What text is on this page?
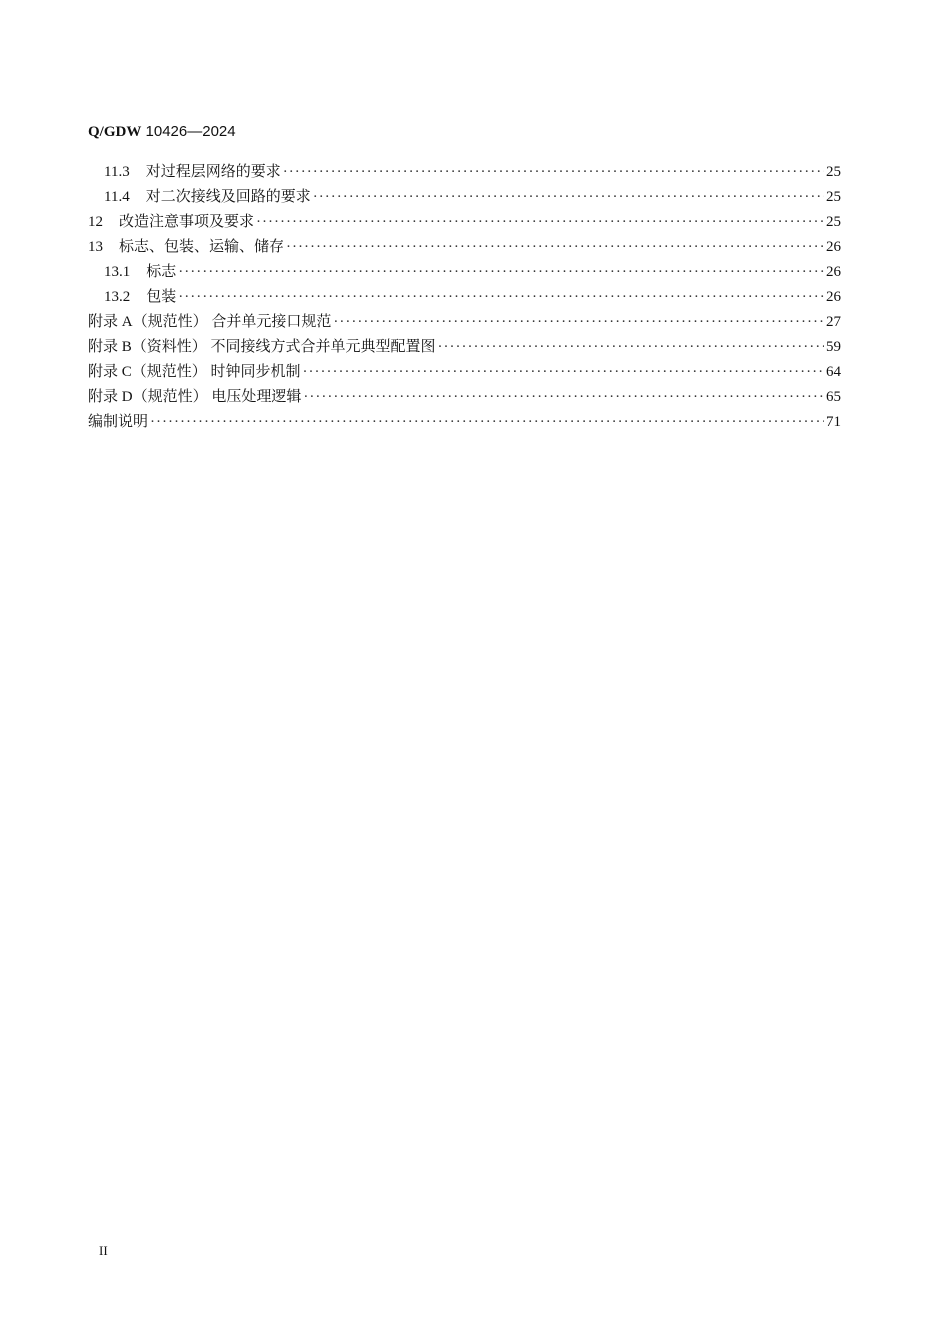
Q/GDW 10426—2024
11.3 对过程层网络的要求 ·····	25
11.4 对二次接线及回路的要求 ·····	25
12 改造注意事项及要求 ·····	25
13 标志、包装、运输、储存 ·····	26
13.1 标志 ·····	26
13.2 包装 ·····	26
附录 A（规范性） 合并单元接口规范 ·····	27
附录 B（资料性） 不同接线方式合并单元典型配置图 ·····	59
附录 C（规范性） 时钟同步机制 ·····	64
附录 D（规范性） 电压处理逻辑 ·····	65
编制说明 ·····	71
II
